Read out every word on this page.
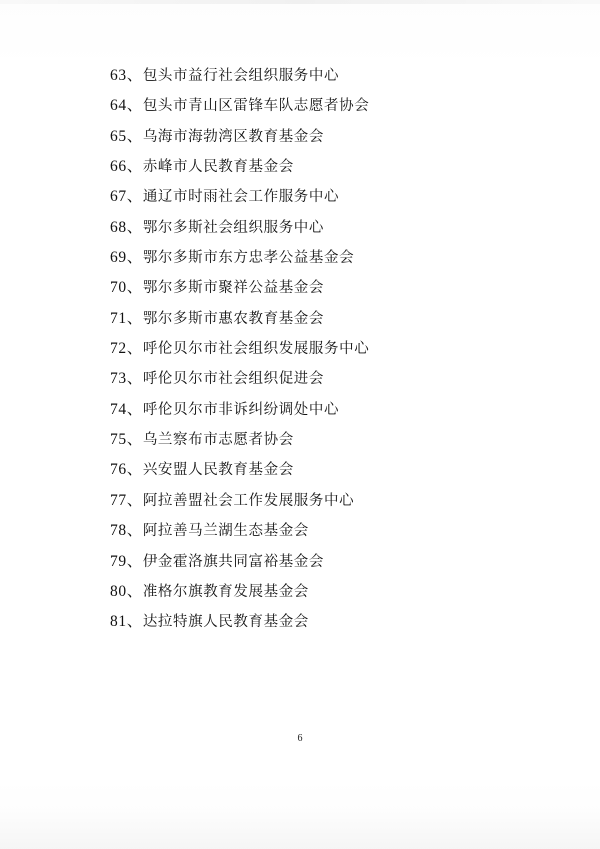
63、包头市益行社会组织服务中心
64、包头市青山区雷锋车队志愿者协会
65、乌海市海勃湾区教育基金会
66、赤峰市人民教育基金会
67、通辽市时雨社会工作服务中心
68、鄂尔多斯社会组织服务中心
69、鄂尔多斯市东方忠孝公益基金会
70、鄂尔多斯市聚祥公益基金会
71、鄂尔多斯市惠农教育基金会
72、呼伦贝尔市社会组织发展服务中心
73、呼伦贝尔市社会组织促进会
74、呼伦贝尔市非诉纠纷调处中心
75、乌兰察布市志愿者协会
76、兴安盟人民教育基金会
77、阿拉善盟社会工作发展服务中心
78、阿拉善马兰湖生态基金会
79、伊金霍洛旗共同富裕基金会
80、准格尔旗教育发展基金会
81、达拉特旗人民教育基金会
6
